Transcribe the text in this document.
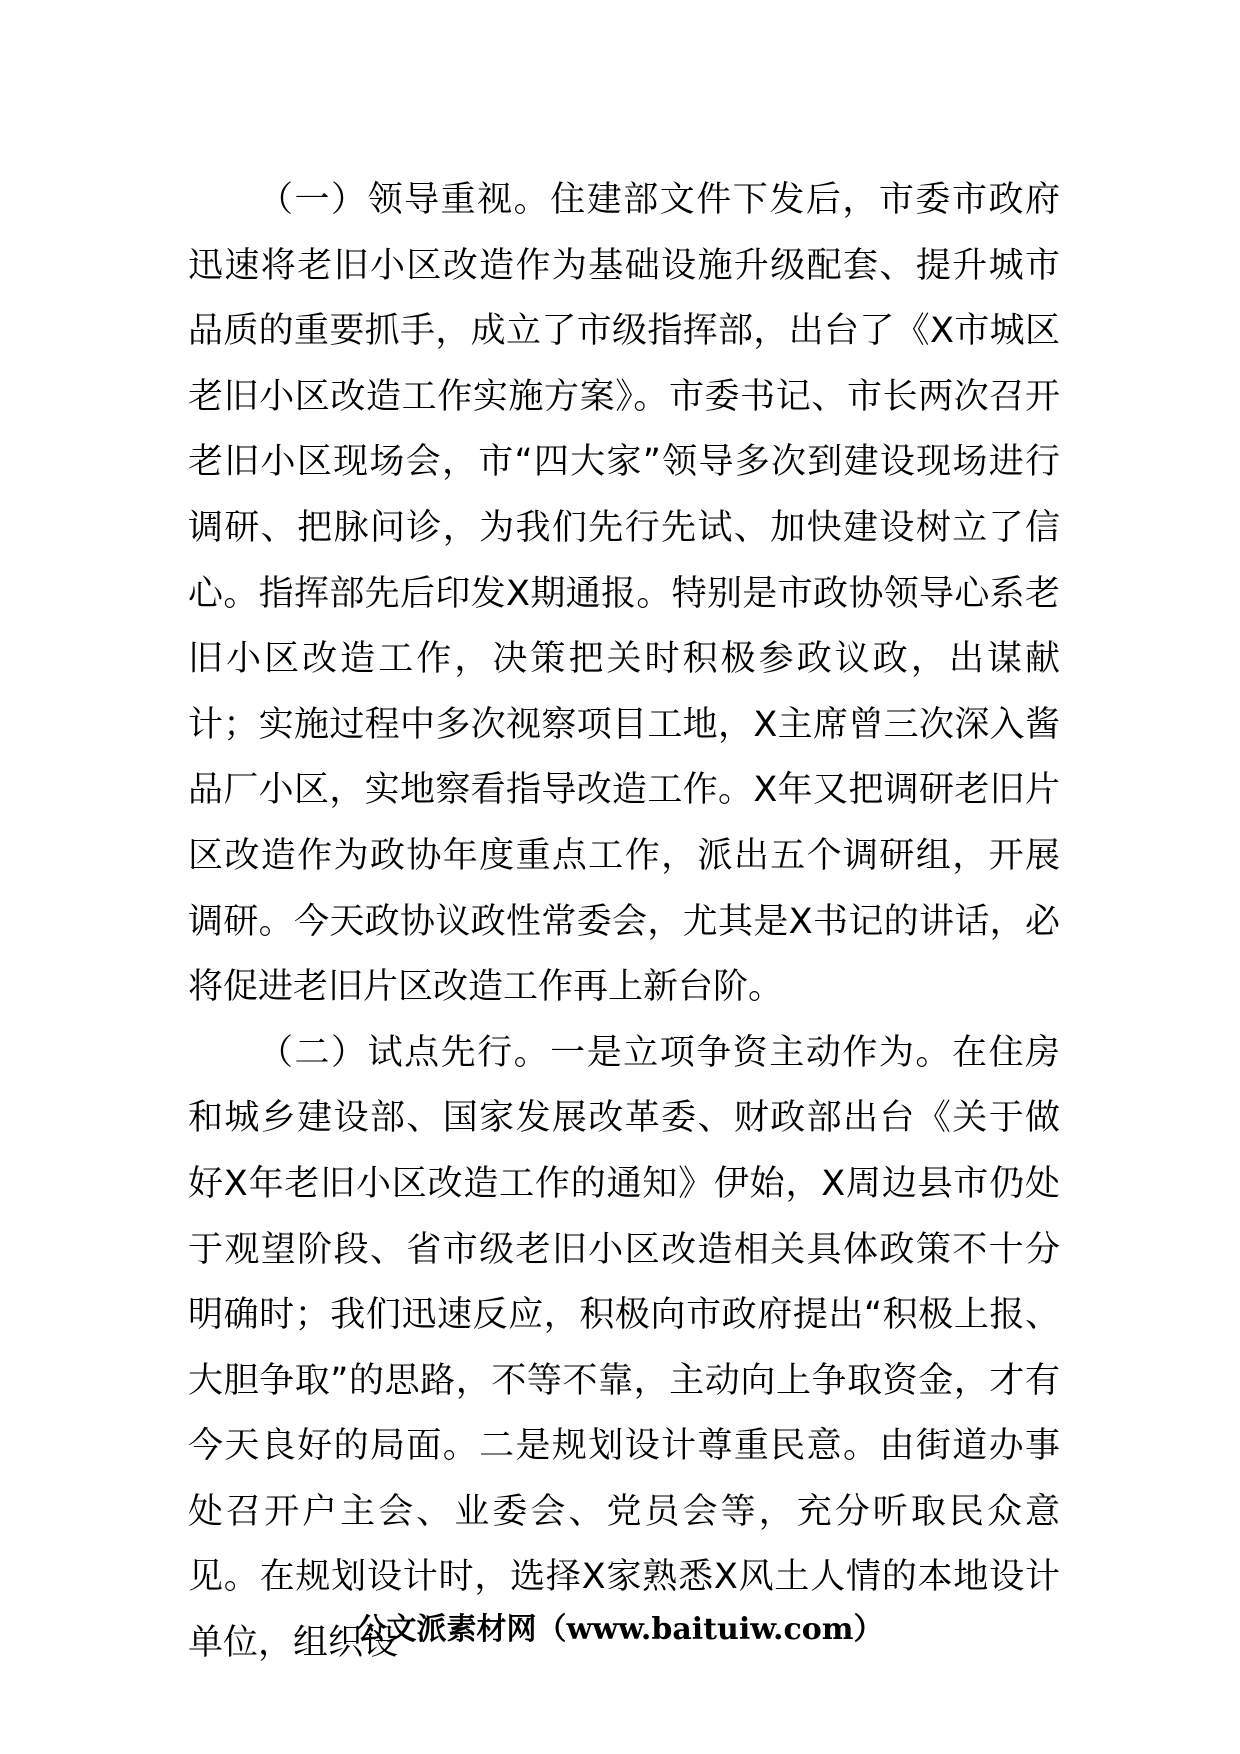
（一）领导重视。住建部文件下发后，市委市政府迅速将老旧小区改造作为基础设施升级配套、提升城市品质的重要抓手，成立了市级指挥部，出台了《X市城区老旧小区改造工作实施方案》。市委书记、市长两次召开老旧小区现场会，市“四大家”领导多次到建设现场进行调研、把脉问诊，为我们先行先试、加快建设树立了信心。指挥部先后印发X期通报。特别是市政协领导心系老旧小区改造工作，决策把关时积极参政议政，出谋献计；实施过程中多次视察项目工地，X主席曾三次深入酱品厂小区，实地察看指导改造工作。X年又把调研老旧片区改造作为政协年度重点工作，派出五个调研组，开展调研。今天政协议政性常委会，尤其是X书记的讲话，必将促进老旧片区改造工作再上新台阶。

（二）试点先行。一是立项争资主动作为。在住房和城乡建设部、国家发展改革委、财政部出台《关于做好X年老旧小区改造工作的通知》伊始，X周边县市仍处于观望阶段、省市级老旧小区改造相关具体政策不十分明确时；我们迅速反应，积极向市政府提出“积极上报、大胆争取”的思路，不等不靠，主动向上争取资金，才有今天良好的局面。二是规划设计尊重民意。由街道办事处召开户主会、业委会、党员会等，充分听取民众意见。在规划设计时，选择X家熟悉X风土人情的本地设计单位，组织设

公文派素材网（www.baituiw.com）
